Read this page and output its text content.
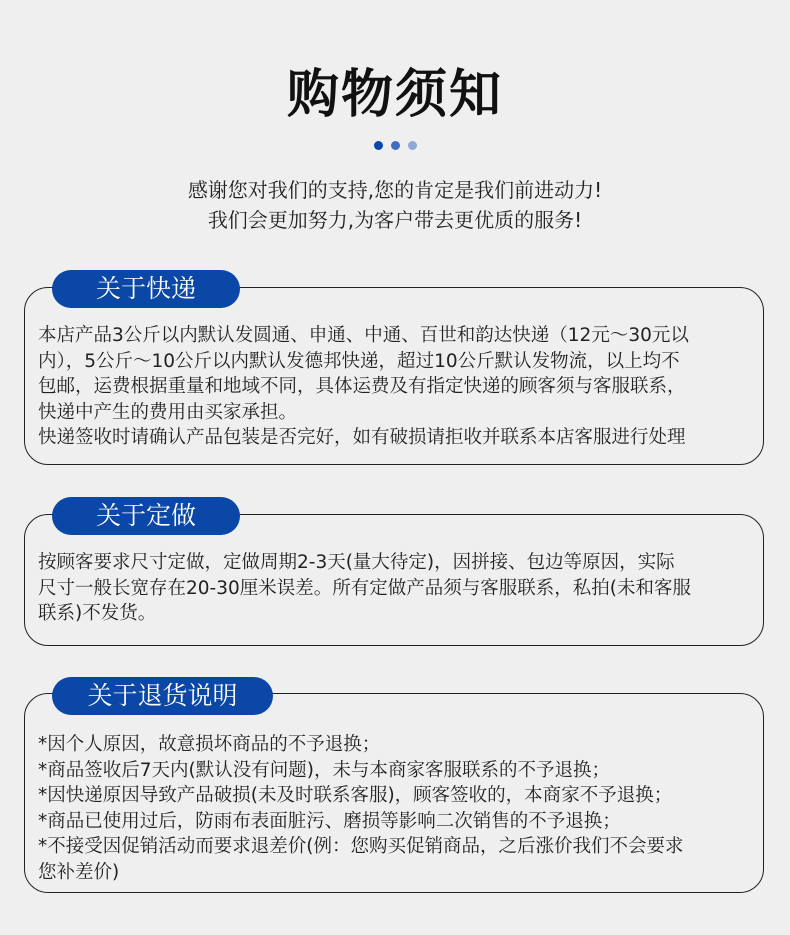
购物须知
感谢您对我们的支持,您的肯定是我们前进动力!
我们会更加努力,为客户带去更优质的服务!
关于快递
本店产品3公斤以内默认发圆通、申通、中通、百世和韵达快递（12元～30元以
内），5公斤～10公斤以内默认发德邦快递，超过10公斤默认发物流，以上均不
包邮，运费根据重量和地域不同，具体运费及有指定快递的顾客须与客服联系，
快递中产生的费用由买家承担。
快递签收时请确认产品包装是否完好，如有破损请拒收并联系本店客服进行处理
关于定做
按顾客要求尺寸定做，定做周期2-3天(量大待定)，因拼接、包边等原因，实际
尺寸一般长宽存在20-30厘米误差。所有定做产品须与客服联系，私拍(未和客服
联系)不发货。
关于退货说明
*因个人原因，故意损坏商品的不予退换；
*商品签收后7天内(默认没有问题)，未与本商家客服联系的不予退换；
*因快递原因导致产品破损(未及时联系客服)，顾客签收的，本商家不予退换；
*商品已使用过后，防雨布表面脏污、磨损等影响二次销售的不予退换；
*不接受因促销活动而要求退差价(例：您购买促销商品，之后涨价我们不会要求
您补差价)
